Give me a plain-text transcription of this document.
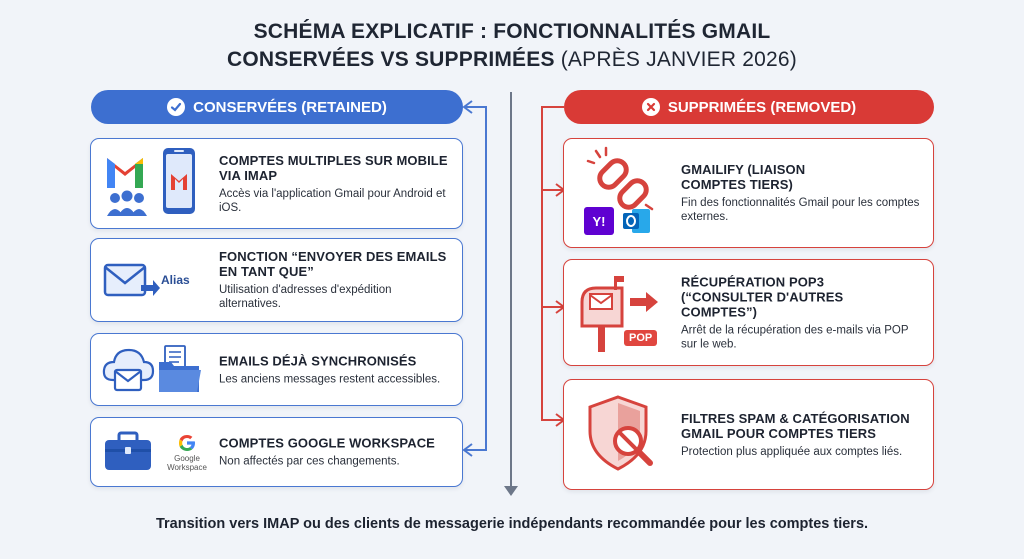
SCHÉMA EXPLICATIF : FONCTIONNALITÉS GMAIL
CONSERVÉES VS SUPPRIMÉES (APRÈS JANVIER 2026)
CONSERVÉES (RETAINED)	SUPPRIMÉES (REMOVED)
COMPTES MULTIPLES SUR MOBILE VIA IMAP
Accès via l'application Gmail pour Android et iOS.
Alias
FONCTION “ENVOYER DES EMAILS EN TANT QUE”
Utilisation d'adresses d'expédition alternatives.
EMAILS DÉJÀ SYNCHRONISÉS
Les anciens messages restent accessibles.
Google Workspace
COMPTES GOOGLE WORKSPACE
Non affectés par ces changements.
Y!
GMAILIFY (LIAISON COMPTES TIERS)
Fin des fonctionnalités Gmail pour les comptes externes.
POP
RÉCUPÉRATION POP3 (“CONSULTER D'AUTRES COMPTES”)
Arrêt de la récupération des e-mails via POP sur le web.
FILTRES SPAM & CATÉGORISATION GMAIL POUR COMPTES TIERS
Protection plus appliquée aux comptes liés.
Transition vers IMAP ou des clients de messagerie indépendants recommandée pour les comptes tiers.
